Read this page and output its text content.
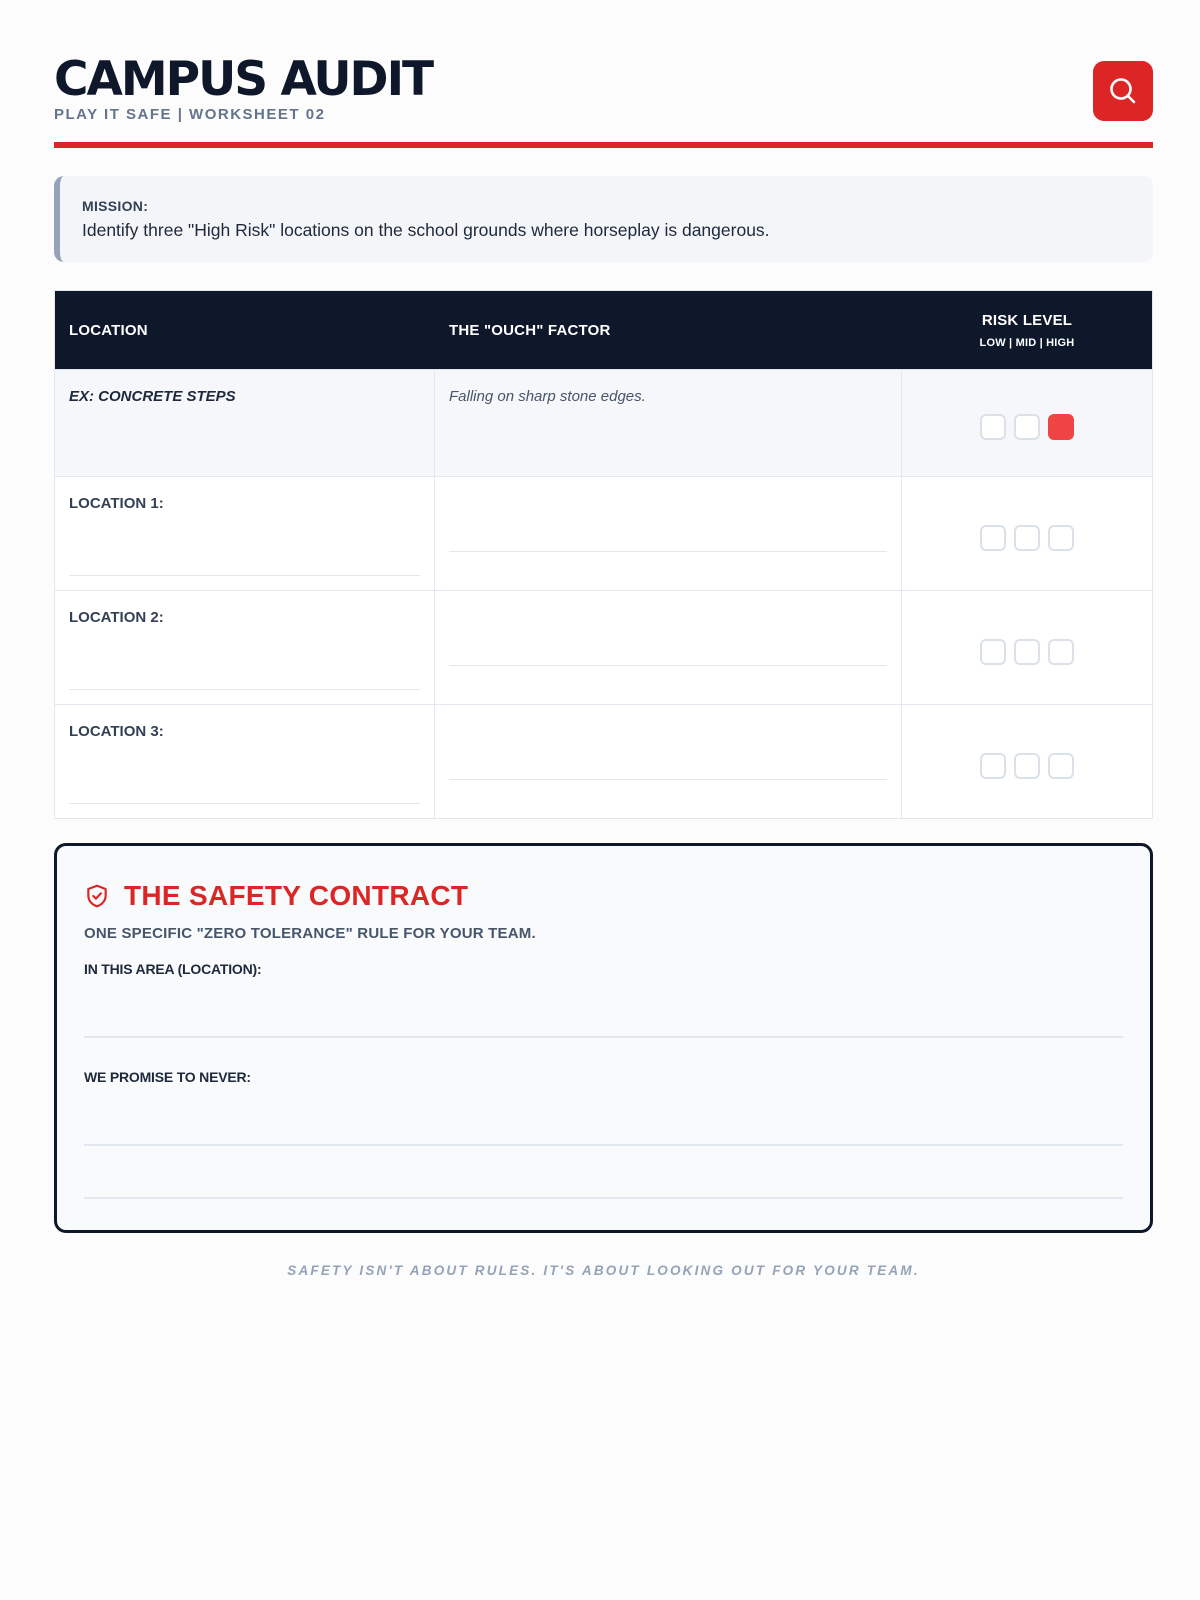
CAMPUS AUDIT
PLAY IT SAFE | WORKSHEET 02
MISSION:
Identify three "High Risk" locations on the school grounds where horseplay is dangerous.
LOCATION	THE "OUCH" FACTOR
RISK LEVEL
LOW | MID | HIGH
EX: CONCRETE STEPS	Falling on sharp stone edges.
LOCATION 1:
LOCATION 2:
LOCATION 3:
THE SAFETY CONTRACT
ONE SPECIFIC "ZERO TOLERANCE" RULE FOR YOUR TEAM.
IN THIS AREA (LOCATION):
WE PROMISE TO NEVER:
SAFETY ISN'T ABOUT RULES. IT'S ABOUT LOOKING OUT FOR YOUR TEAM.
